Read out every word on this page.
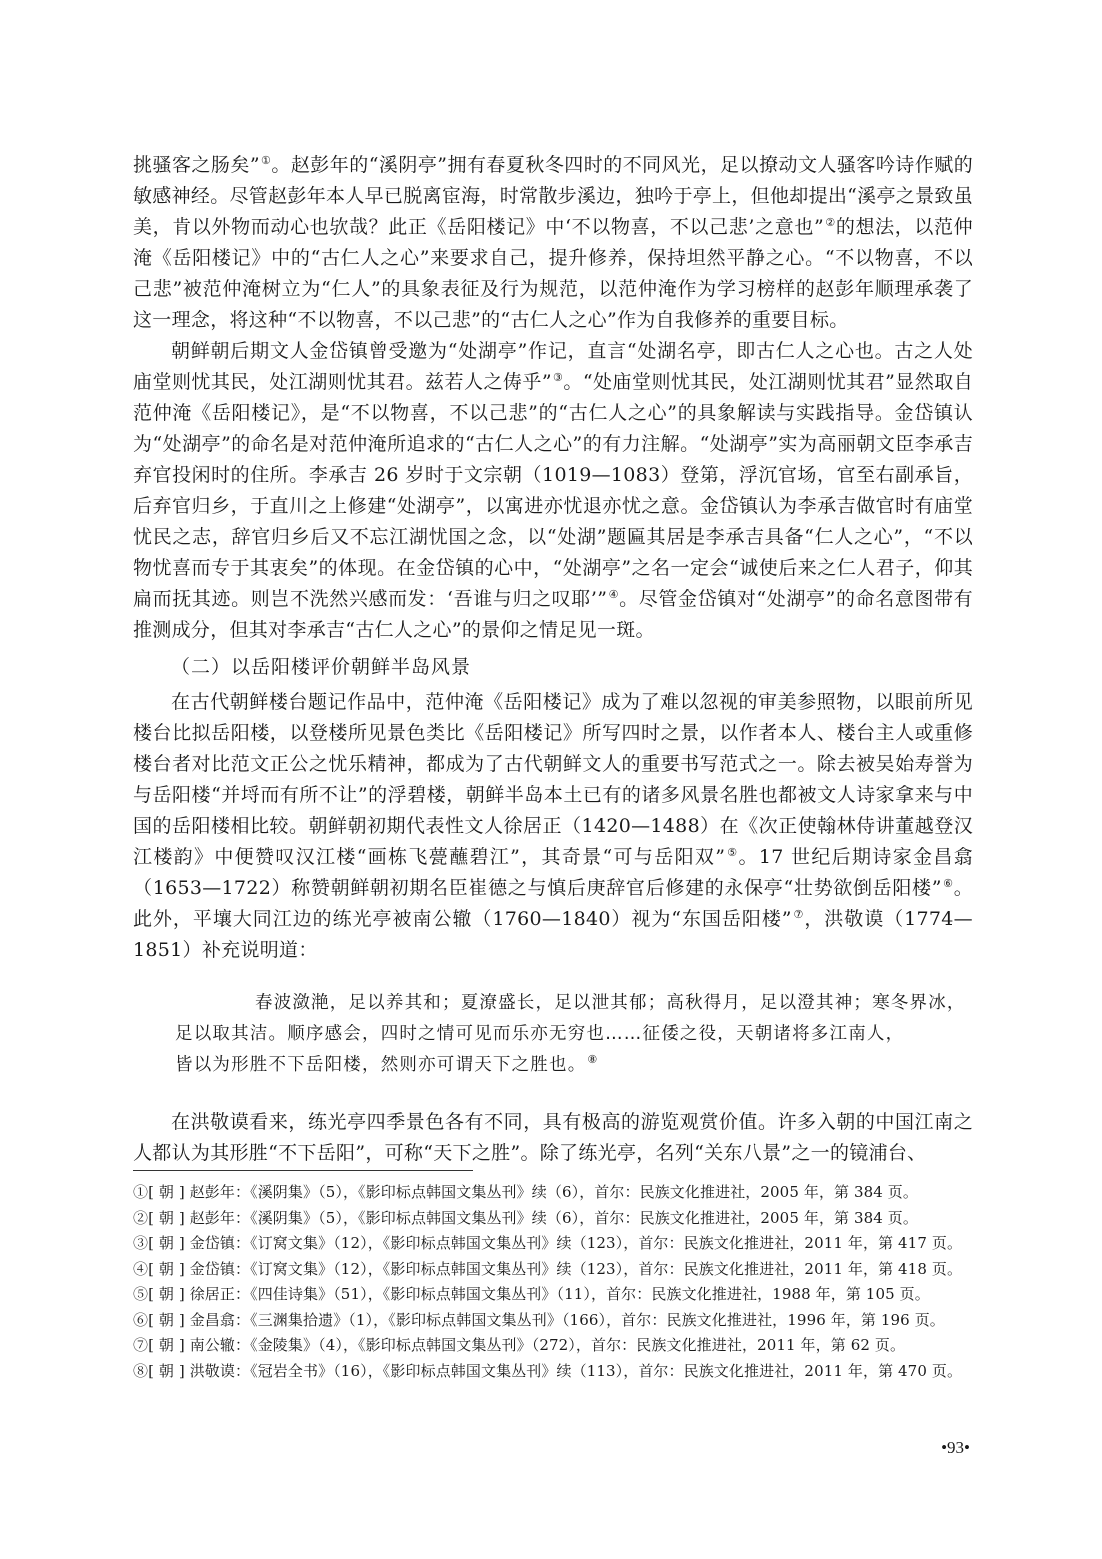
挑骚客之肠矣”①。赵彭年的“溪阴亭”拥有春夏秋冬四时的不同风光，足以撩动文人骚客吟诗作赋的敏感神经。尽管赵彭年本人早已脱离宦海，时常散步溪边，独吟于亭上，但他却提出“溪亭之景致虽美，肯以外物而动心也欤哉？此正《岳阳楼记》中‘不以物喜，不以己悲’之意也”②的想法，以范仲淹《岳阳楼记》中的“古仁人之心”来要求自己，提升修养，保持坦然平静之心。“不以物喜，不以己悲”被范仲淹树立为“仁人”的具象表征及行为规范，以范仲淹作为学习榜样的赵彭年顺理承袭了这一理念，将这种“不以物喜，不以己悲”的“古仁人之心”作为自我修养的重要目标。

朝鲜朝后期文人金岱镇曾受邀为“处湖亭”作记，直言“处湖名亭，即古仁人之心也。古之人处庙堂则忧其民，处江湖则忧其君。兹若人之俦乎”③。“处庙堂则忧其民，处江湖则忧其君”显然取自范仲淹《岳阳楼记》，是“不以物喜，不以己悲”的“古仁人之心”的具象解读与实践指导。金岱镇认为“处湖亭”的命名是对范仲淹所追求的“古仁人之心”的有力注解。“处湖亭”实为高丽朝文臣李承吉弃官投闲时的住所。李承吉 26 岁时于文宗朝（1019—1083）登第，浮沉官场，官至右副承旨，后弃官归乡，于直川之上修建“处湖亭”，以寓进亦忧退亦忧之意。金岱镇认为李承吉做官时有庙堂忧民之志，辞官归乡后又不忘江湖忧国之念，以“处湖”题匾其居是李承吉具备“仁人之心”，“不以物忧喜而专于其衷矣”的体现。在金岱镇的心中，“处湖亭”之名一定会“诚使后来之仁人君子，仰其扁而抚其迹。则岂不洗然兴感而发：‘吾谁与归之叹耶’”④。尽管金岱镇对“处湖亭”的命名意图带有推测成分，但其对李承吉“古仁人之心”的景仰之情足见一斑。

（二）以岳阳楼评价朝鲜半岛风景

在古代朝鲜楼台题记作品中，范仲淹《岳阳楼记》成为了难以忽视的审美参照物，以眼前所见楼台比拟岳阳楼，以登楼所见景色类比《岳阳楼记》所写四时之景，以作者本人、楼台主人或重修楼台者对比范文正公之忧乐精神，都成为了古代朝鲜文人的重要书写范式之一。除去被吴始寿誉为与岳阳楼“并埒而有所不让”的浮碧楼，朝鲜半岛本土已有的诸多风景名胜也都被文人诗家拿来与中国的岳阳楼相比较。朝鲜朝初期代表性文人徐居正（1420—1488）在《次正使翰林侍讲董越登汉江楼韵》中便赞叹汉江楼“画栋飞甍蘸碧江”，其奇景“可与岳阳双”⑤。17 世纪后期诗家金昌翕（1653—1722）称赞朝鲜朝初期名臣崔德之与慎后庚辞官后修建的永保亭“壮势欲倒岳阳楼”⑥。此外，平壤大同江边的练光亭被南公辙（1760—1840）视为“东国岳阳楼”⑦，洪敬谟（1774—1851）补充说明道：

春波潋滟，足以养其和；夏潦盛长，足以泄其郁；高秋得月，足以澄其神；寒冬界冰，

足以取其洁。顺序感会，四时之情可见而乐亦无穷也……征倭之役，天朝诸将多江南人，

皆以为形胜不下岳阳楼，然则亦可谓天下之胜也。⑧

在洪敬谟看来，练光亭四季景色各有不同，具有极高的游览观赏价值。许多入朝的中国江南之人都认为其形胜“不下岳阳”，可称“天下之胜”。除了练光亭，名列“关东八景”之一的镜浦台、

①[ 朝 ] 赵彭年：《溪阴集》（5），《影印标点韩国文集丛刊》续（6），首尔：民族文化推进社，2005 年，第 384 页。
②[ 朝 ] 赵彭年：《溪阴集》（5），《影印标点韩国文集丛刊》续（6），首尔：民族文化推进社，2005 年，第 384 页。
③[ 朝 ] 金岱镇：《订窝文集》（12），《影印标点韩国文集丛刊》续（123），首尔：民族文化推进社，2011 年，第 417 页。
④[ 朝 ] 金岱镇：《订窝文集》（12），《影印标点韩国文集丛刊》续（123），首尔：民族文化推进社，2011 年，第 418 页。
⑤[ 朝 ] 徐居正：《四佳诗集》（51），《影印标点韩国文集丛刊》（11），首尔：民族文化推进社，1988 年，第 105 页。
⑥[ 朝 ] 金昌翕：《三渊集拾遗》（1），《影印标点韩国文集丛刊》（166），首尔：民族文化推进社，1996 年，第 196 页。
⑦[ 朝 ] 南公辙：《金陵集》（4），《影印标点韩国文集丛刊》（272），首尔：民族文化推进社，2011 年，第 62 页。
⑧[ 朝 ] 洪敬谟：《冠岩全书》（16），《影印标点韩国文集丛刊》续（113），首尔：民族文化推进社，2011 年，第 470 页。
•93•
